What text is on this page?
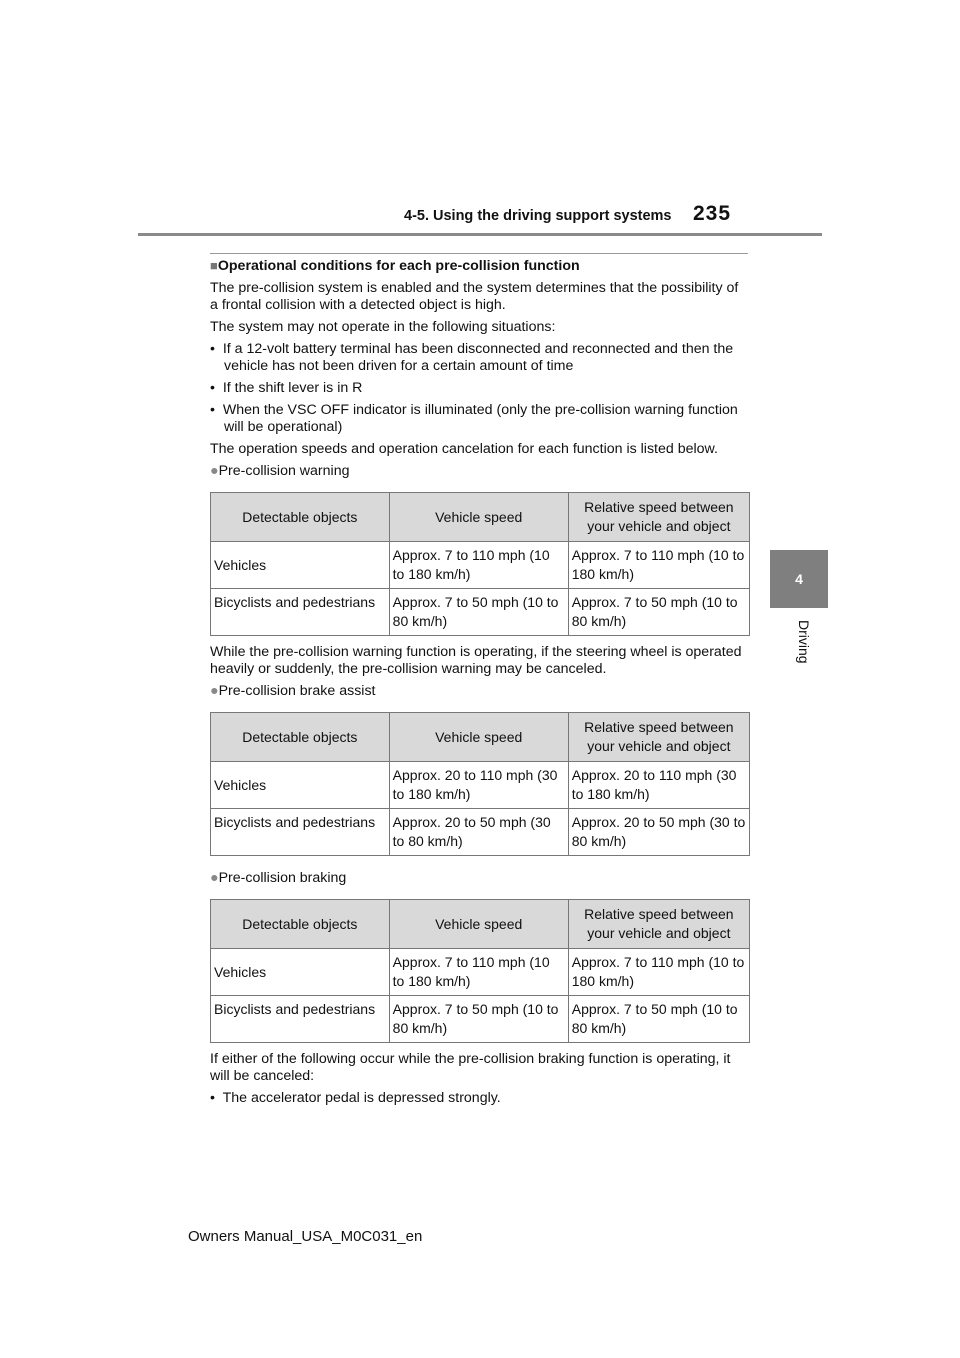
4-5. Using the driving support systems 235
4
Driving

■Operational conditions for each pre-collision function

The pre-collision system is enabled and the system determines that the possibility of a frontal collision with a detected object is high.

The system may not operate in the following situations:

•  If a 12-volt battery terminal has been disconnected and reconnected and then the vehicle has not been driven for a certain amount of time

•  If the shift lever is in R

•  When the VSC OFF indicator is illuminated (only the pre-collision warning function will be operational)

The operation speeds and operation cancelation for each function is listed below.

●Pre-collision warning

Detectable objects	Vehicle speed	Relative speed between your vehicle and object
Vehicles	Approx. 7 to 110 mph (10 to 180 km/h)	Approx. 7 to 110 mph (10 to 180 km/h)
Bicyclists and pedestrians	Approx. 7 to 50 mph (10 to 80 km/h)	Approx. 7 to 50 mph (10 to 80 km/h)

While the pre-collision warning function is operating, if the steering wheel is operated heavily or suddenly, the pre-collision warning may be canceled.

●Pre-collision brake assist

Detectable objects	Vehicle speed	Relative speed between your vehicle and object
Vehicles	Approx. 20 to 110 mph (30 to 180 km/h)	Approx. 20 to 110 mph (30 to 180 km/h)
Bicyclists and pedestrians	Approx. 20 to 50 mph (30 to 80 km/h)	Approx. 20 to 50 mph (30 to 80 km/h)

●Pre-collision braking

Detectable objects	Vehicle speed	Relative speed between your vehicle and object
Vehicles	Approx. 7 to 110 mph (10 to 180 km/h)	Approx. 7 to 110 mph (10 to 180 km/h)
Bicyclists and pedestrians	Approx. 7 to 50 mph (10 to 80 km/h)	Approx. 7 to 50 mph (10 to 80 km/h)

If either of the following occur while the pre-collision braking function is operating, it will be canceled:

•  The accelerator pedal is depressed strongly.

Owners Manual_USA_M0C031_en
